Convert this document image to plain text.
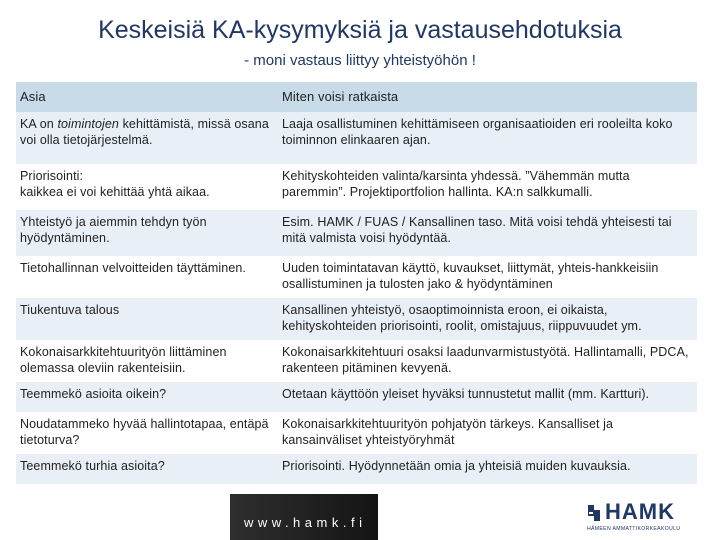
Keskeisiä KA-kysymyksiä ja vastausehdotuksia
- moni vastaus liittyy yhteistyöhön !
Asia	Miten voisi ratkaista
KA on toimintojen kehittämistä, missä osana voi olla tietojärjestelmä.	Laaja osallistuminen kehittämiseen organisaatioiden eri rooleilta koko toiminnon elinkaaren ajan.
Priorisointi:
kaikkea ei voi kehittää yhtä aikaa.	Kehityskohteiden valinta/karsinta yhdessä. ”Vähemmän mutta paremmin”. Projektiportfolion hallinta. KA:n salkkumalli.
Yhteistyö ja aiemmin tehdyn työn hyödyntäminen.	Esim. HAMK / FUAS / Kansallinen taso. Mitä voisi tehdä yhteisesti tai mitä valmista voisi hyödyntää.
Tietohallinnan velvoitteiden täyttäminen.	Uuden toimintatavan käyttö, kuvaukset, liittymät, yhteis-hankkeisiin osallistuminen ja tulosten jako & hyödyntäminen
Tiukentuva talous	Kansallinen yhteistyö, osaoptimoinnista eroon, ei oikaista, kehityskohteiden priorisointi, roolit, omistajuus, riippuvuudet ym.
Kokonaisarkkitehtuurityön liittäminen olemassa oleviin rakenteisiin.	Kokonaisarkkitehtuuri osaksi laadunvarmistustyötä. Hallintamalli, PDCA, rakenteen pitäminen kevyenä.
Teemmekö asioita oikein?	Otetaan käyttöön yleiset hyväksi tunnustetut mallit (mm. Kartturi).
Noudatammeko hyvää hallintotapaa, entäpä tietoturva?	Kokonaisarkkitehtuurityön pohjatyön tärkeys. Kansalliset ja kansainväliset yhteistyöryhmät
Teemmekö turhia asioita?	Priorisointi. Hyödynnetään omia ja yhteisiä muiden kuvauksia.
www.hamk.fi	HAMK
HÄMEEN AMMATTIKORKEAKOULU
